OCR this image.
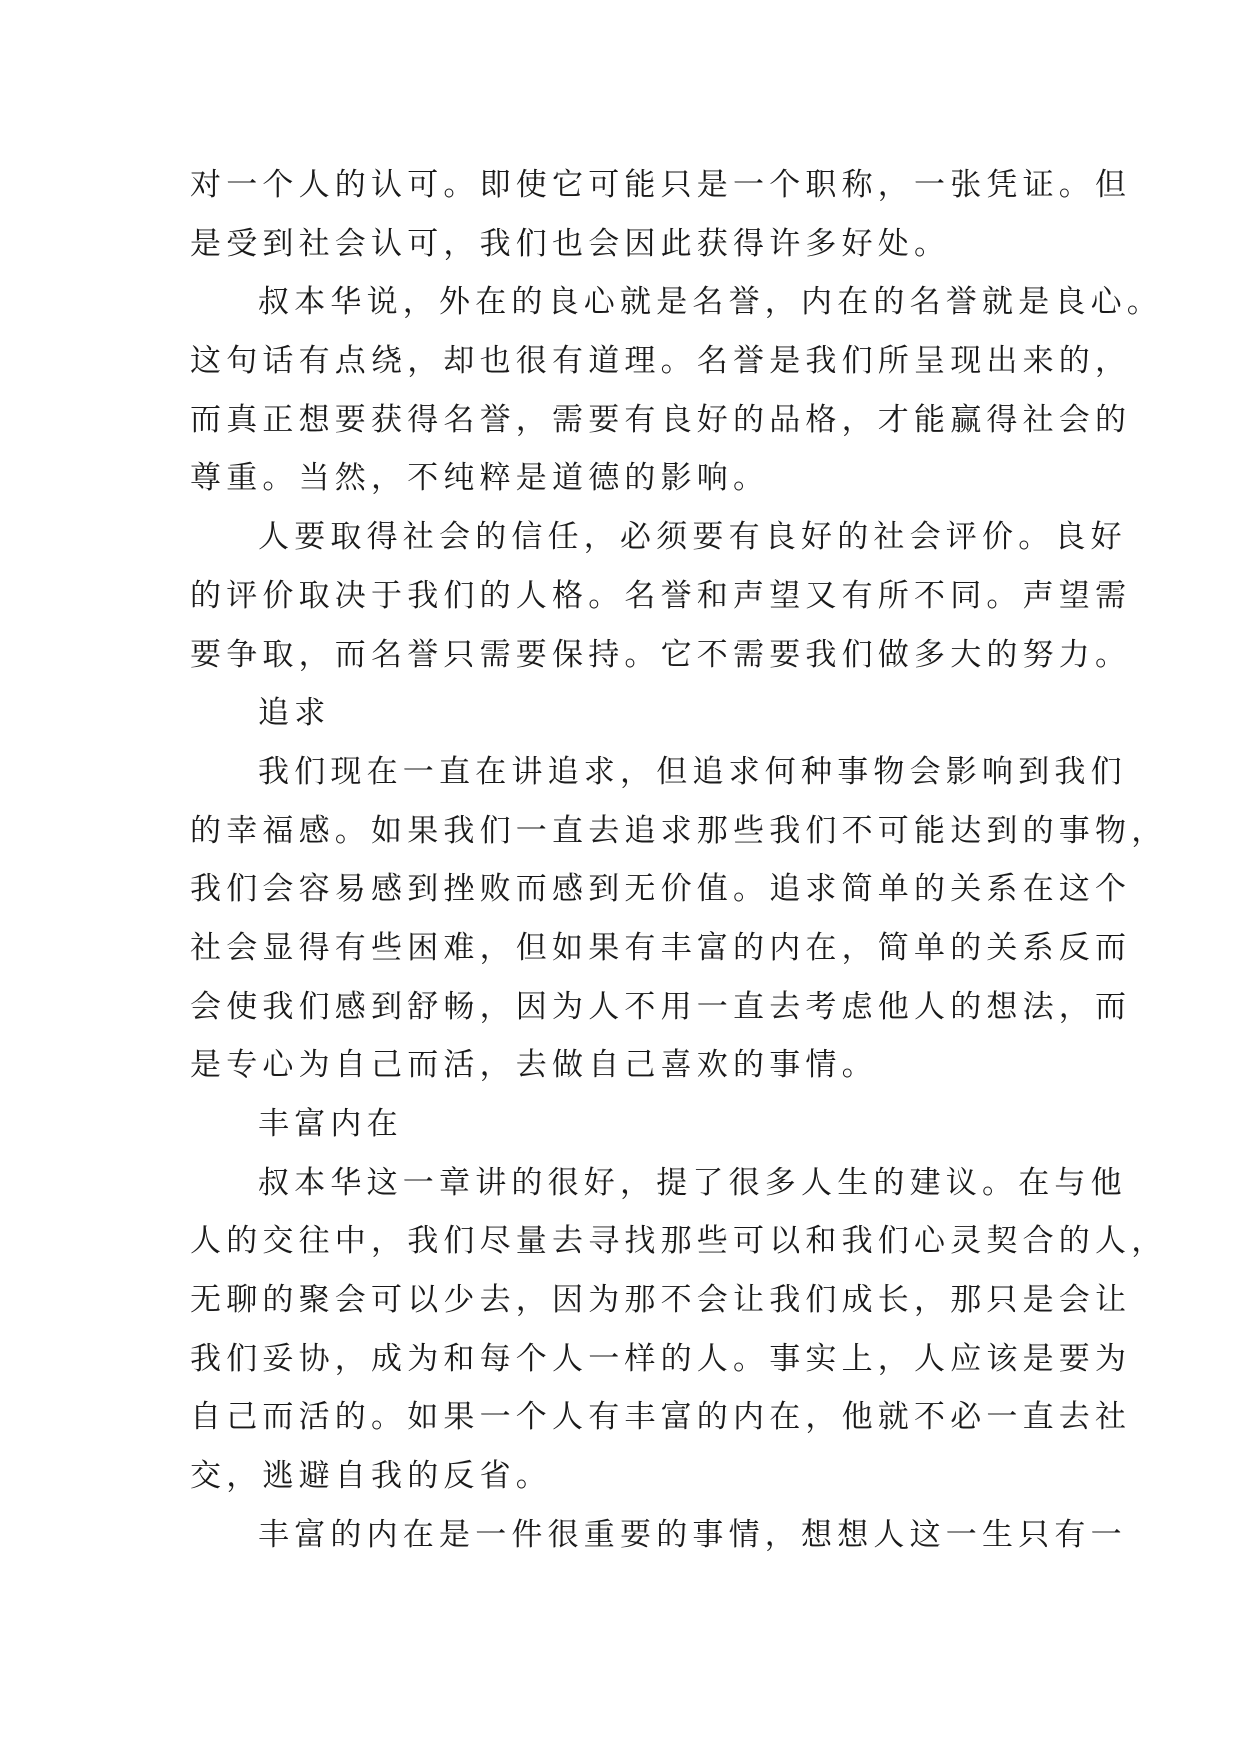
对一个人的认可。即使它可能只是一个职称，一张凭证。但
是受到社会认可，我们也会因此获得许多好处。
叔本华说，外在的良心就是名誉，内在的名誉就是良心。
这句话有点绕，却也很有道理。名誉是我们所呈现出来的，
而真正想要获得名誉，需要有良好的品格，才能赢得社会的
尊重。当然，不纯粹是道德的影响。
人要取得社会的信任，必须要有良好的社会评价。良好
的评价取决于我们的人格。名誉和声望又有所不同。声望需
要争取，而名誉只需要保持。它不需要我们做多大的努力。
追求
我们现在一直在讲追求，但追求何种事物会影响到我们
的幸福感。如果我们一直去追求那些我们不可能达到的事物，
我们会容易感到挫败而感到无价值。追求简单的关系在这个
社会显得有些困难，但如果有丰富的内在，简单的关系反而
会使我们感到舒畅，因为人不用一直去考虑他人的想法，而
是专心为自己而活，去做自己喜欢的事情。
丰富内在
叔本华这一章讲的很好，提了很多人生的建议。在与他
人的交往中，我们尽量去寻找那些可以和我们心灵契合的人，
无聊的聚会可以少去，因为那不会让我们成长，那只是会让
我们妥协，成为和每个人一样的人。事实上，人应该是要为
自己而活的。如果一个人有丰富的内在，他就不必一直去社
交，逃避自我的反省。
丰富的内在是一件很重要的事情，想想人这一生只有一
